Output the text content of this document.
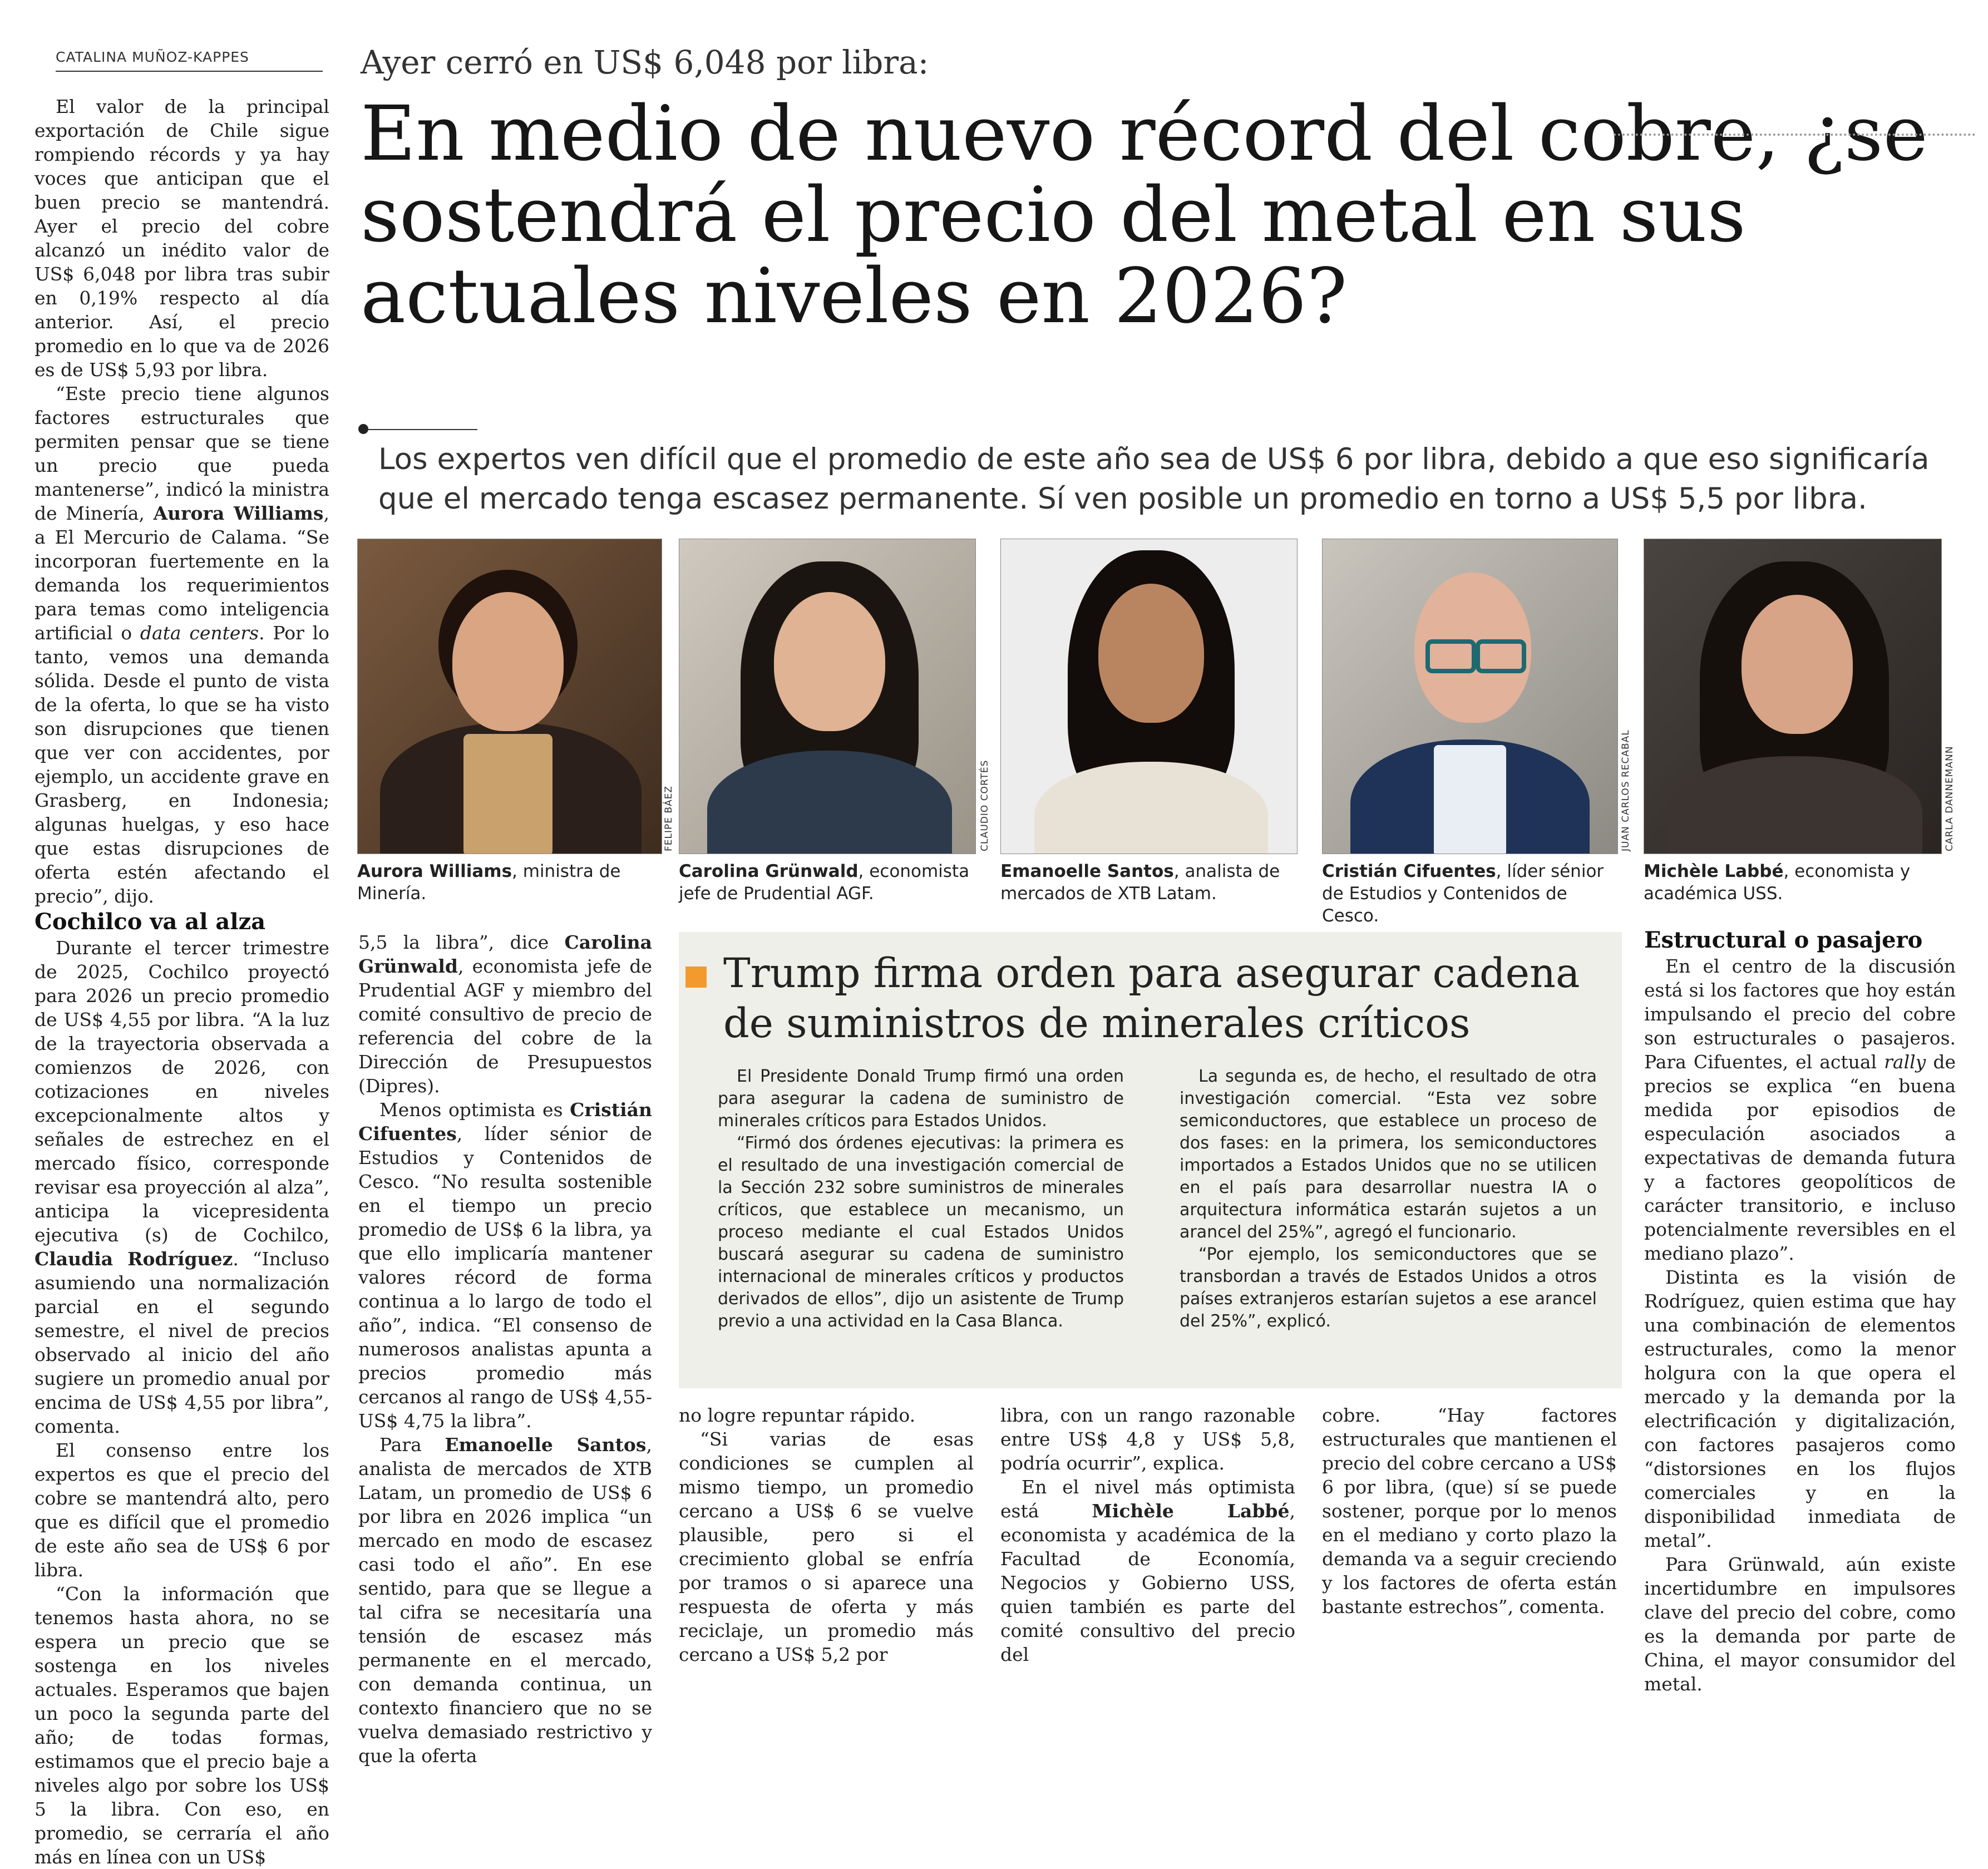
CATALINA MUÑOZ-KAPPES	Ayer cerró en US$ 6,048 por libra:
En medio de nuevo récord del cobre, ¿se sostendrá el precio del metal en sus actuales niveles en 2026?
Los expertos ven difícil que el promedio de este año sea de US$ 6 por libra, debido a que eso significaría que el mercado tenga escasez permanente. Sí ven posible un promedio en torno a US$ 5,5 por libra.

El valor de la principal exportación de Chile sigue rompiendo récords y ya hay voces que anticipan que el buen precio se mantendrá. Ayer el precio del cobre alcanzó un inédito valor de US$ 6,048 por libra tras subir en 0,19% respecto al día anterior. Así, el precio promedio en lo que va de 2026 es de US$ 5,93 por libra.

“Este precio tiene algunos factores estructurales que permiten pensar que se tiene un precio que pueda mantenerse”, indicó la ministra de Minería, Aurora Williams, a El Mercurio de Calama. “Se incorporan fuertemente en la demanda los requerimientos para temas como inteligencia artificial o data centers. Por lo tanto, vemos una demanda sólida. Desde el punto de vista de la oferta, lo que se ha visto son disrupciones que tienen que ver con accidentes, por ejemplo, un accidente grave en Grasberg, en Indonesia; algunas huelgas, y eso hace que estas disrupciones de oferta estén afectando el precio”, dijo.

Cochilco va al alza

Durante el tercer trimestre de 2025, Cochilco proyectó para 2026 un precio promedio de US$ 4,55 por libra. “A la luz de la trayectoria observada a comienzos de 2026, con cotizaciones en niveles excepcionalmente altos y señales de estrechez en el mercado físico, corresponde revisar esa proyección al alza”, anticipa la vicepresidenta ejecutiva (s) de Cochilco, Claudia Rodríguez. “Incluso asumiendo una normalización parcial en el segundo semestre, el nivel de precios observado al inicio del año sugiere un promedio anual por encima de US$ 4,55 por libra”, comenta.

El consenso entre los expertos es que el precio del cobre se mantendrá alto, pero que es difícil que el promedio de este año sea de US$ 6 por libra.

“Con la información que tenemos hasta ahora, no se espera un precio que se sostenga en los niveles actuales. Esperamos que bajen un poco la segunda parte del año; de todas formas, estimamos que el precio baje a niveles algo por sobre los US$ 5 la libra. Con eso, en promedio, se cerraría el año más en línea con un US$

5,5 la libra”, dice Carolina Grünwald, economista jefe de Prudential AGF y miembro del comité consultivo de precio de referencia del cobre de la Dirección de Presupuestos (Dipres).

Menos optimista es Cristián Cifuentes, líder sénior de Estudios y Contenidos de Cesco. “No resulta sostenible en el tiempo un precio promedio de US$ 6 la libra, ya que ello implicaría mantener valores récord de forma continua a lo largo de todo el año”, indica. “El consenso de numerosos analistas apunta a precios promedio más cercanos al rango de US$ 4,55-US$ 4,75 la libra”.

Para Emanoelle Santos, analista de mercados de XTB Latam, un promedio de US$ 6 por libra en 2026 implica “un mercado en modo de escasez casi todo el año”. En ese sentido, para que se llegue a tal cifra se necesitaría una tensión de escasez más permanente en el mercado, con demanda continua, un contexto financiero que no se vuelva demasiado restrictivo y que la oferta

no logre repuntar rápido.

“Si varias de esas condiciones se cumplen al mismo tiempo, un promedio cercano a US$ 6 se vuelve plausible, pero si el crecimiento global se enfría por tramos o si aparece una respuesta de oferta y más reciclaje, un promedio más cercano a US$ 5,2 por

libra, con un rango razonable entre US$ 4,8 y US$ 5,8, podría ocurrir”, explica.

En el nivel más optimista está Michèle Labbé, economista y académica de la Facultad de Economía, Negocios y Gobierno USS, quien también es parte del comité consultivo del precio del

cobre. “Hay factores estructurales que mantienen el precio del cobre cercano a US$ 6 por libra, (que) sí se puede sostener, porque por lo menos en el mediano y corto plazo la demanda va a seguir creciendo y los factores de oferta están bastante estrechos”, comenta.

Estructural o pasajero

En el centro de la discusión está si los factores que hoy están impulsando el precio del cobre son estructurales o pasajeros. Para Cifuentes, el actual rally de precios se explica “en buena medida por episodios de especulación asociados a expectativas de demanda futura y a factores geopolíticos de carácter transitorio, e incluso potencialmente reversibles en el mediano plazo”.

Distinta es la visión de Rodríguez, quien estima que hay una combinación de elementos estructurales, como la menor holgura con la que opera el mercado y la demanda por la electrificación y digitalización, con factores pasajeros como “distorsiones en los flujos comerciales y en la disponibilidad inmediata de metal”.

Para Grünwald, aún existe incertidumbre en impulsores clave del precio del cobre, como es la demanda por parte de China, el mayor consumidor del metal.

FELIPE BÁEZ	CLAUDIO CORTÉS	JUAN CARLOS RECABAL	CARLA DANNEMANN
Aurora Williams, ministra de Minería.
Carolina Grünwald, economista jefe de Prudential AGF.
Emanoelle Santos, analista de mercados de XTB Latam.
Cristián Cifuentes, líder sénior de Estudios y Contenidos de Cesco.
Michèle Labbé, economista y académica USS.
Trump firma orden para asegurar cadena de suministros de minerales críticos

El Presidente Donald Trump firmó una orden para asegurar la cadena de suministro de minerales críticos para Estados Unidos.

“Firmó dos órdenes ejecutivas: la primera es el resultado de una investigación comercial de la Sección 232 sobre suministros de minerales críticos, que establece un mecanismo, un proceso mediante el cual Estados Unidos buscará asegurar su cadena de suministro internacional de minerales críticos y productos derivados de ellos”, dijo un asistente de Trump previo a una actividad en la Casa Blanca.

La segunda es, de hecho, el resultado de otra investigación comercial. “Esta vez sobre semiconductores, que establece un proceso de dos fases: en la primera, los semiconductores importados a Estados Unidos que no se utilicen en el país para desarrollar nuestra IA o arquitectura informática estarán sujetos a un arancel del 25%”, agregó el funcionario.

“Por ejemplo, los semiconductores que se transbordan a través de Estados Unidos a otros países extranjeros estarían sujetos a ese arancel del 25%”, explicó.
